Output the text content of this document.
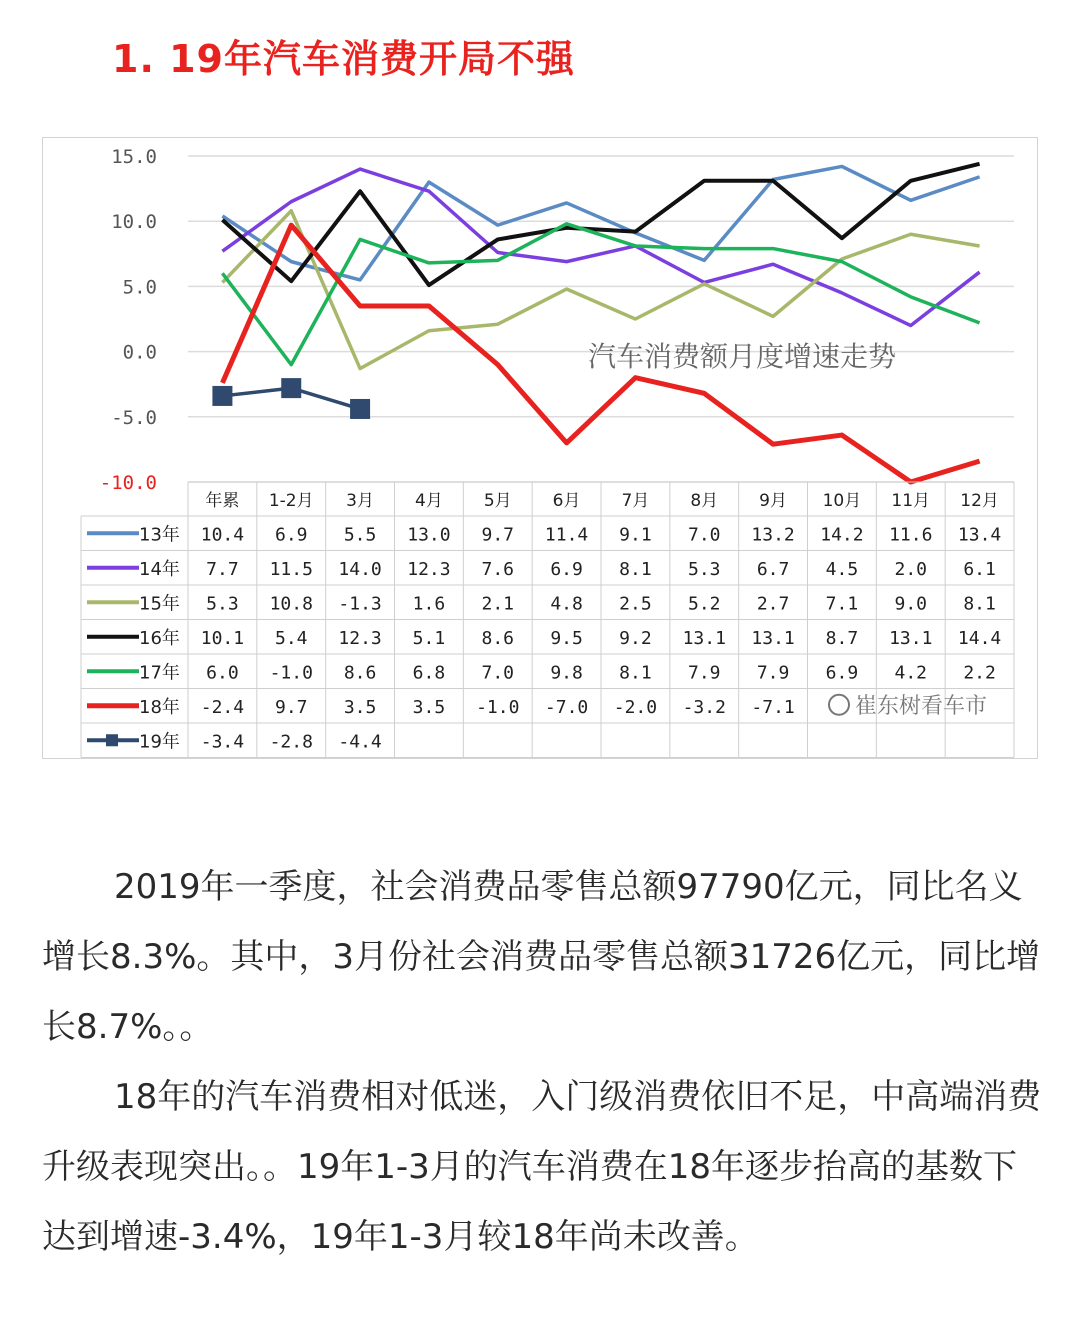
1. 19年汽车消费开局不强
15.0
10.0
5.0
0.0
-5.0
-10.0
汽车消费额月度增速走势
年累 1-2月 3月 4月 5月 6月 7月 8月 9月 10月 11月 12月
13年 10.4 6.9 5.5 13.0 9.7 11.4 9.1 7.0 13.2 14.2 11.6 13.4
14年 7.7 11.5 14.0 12.3 7.6 6.9 8.1 5.3 6.7 4.5 2.0 6.1
15年 5.3 10.8 -1.3 1.6 2.1 4.8 2.5 5.2 2.7 7.1 9.0 8.1
16年 10.1 5.4 12.3 5.1 8.6 9.5 9.2 13.1 13.1 8.7 13.1 14.4
17年 6.0 -1.0 8.6 6.8 7.0 9.8 8.1 7.9 7.9 6.9 4.2 2.2
18年 -2.4 9.7 3.5 3.5 -1.0 -7.0 -2.0 -3.2 -7.1
19年 -3.4 -2.8 -4.4
崔东树看车市

2019年一季度，社会消费品零售总额97790亿元，同比名义增长8.3%。其中，3月份社会消费品零售总额31726亿元，同比增长8.7%。。

18年的汽车消费相对低迷，入门级消费依旧不足，中高端消费升级表现突出。。19年1-3月的汽车消费在18年逐步抬高的基数下达到增速-3.4%，19年1-3月较18年尚未改善。
